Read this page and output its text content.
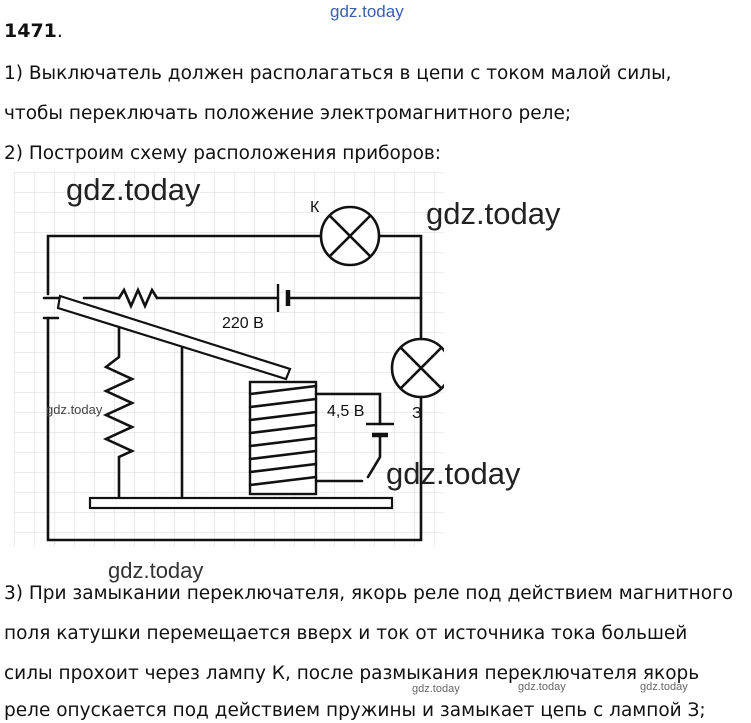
gdz.today
1471.
1) Выключатель должен располагаться в цепи с током малой силы,
чтобы переключать положение электромагнитного реле;
2) Построим схему расположения приборов:
К
З
220 В
4,5 В
gdz.today
gdz.today
gdz.today
gdz.today
gdz.today
3) При замыкании переключателя, якорь реле под действием магнитного
поля катушки перемещается вверх и ток от источника тока большей
силы прохоит через лампу К, после размыкания переключателя якорь
реле опускается под действием пружины и замыкает цепь с лампой З;
gdz.today	gdz.today	gdz.today
